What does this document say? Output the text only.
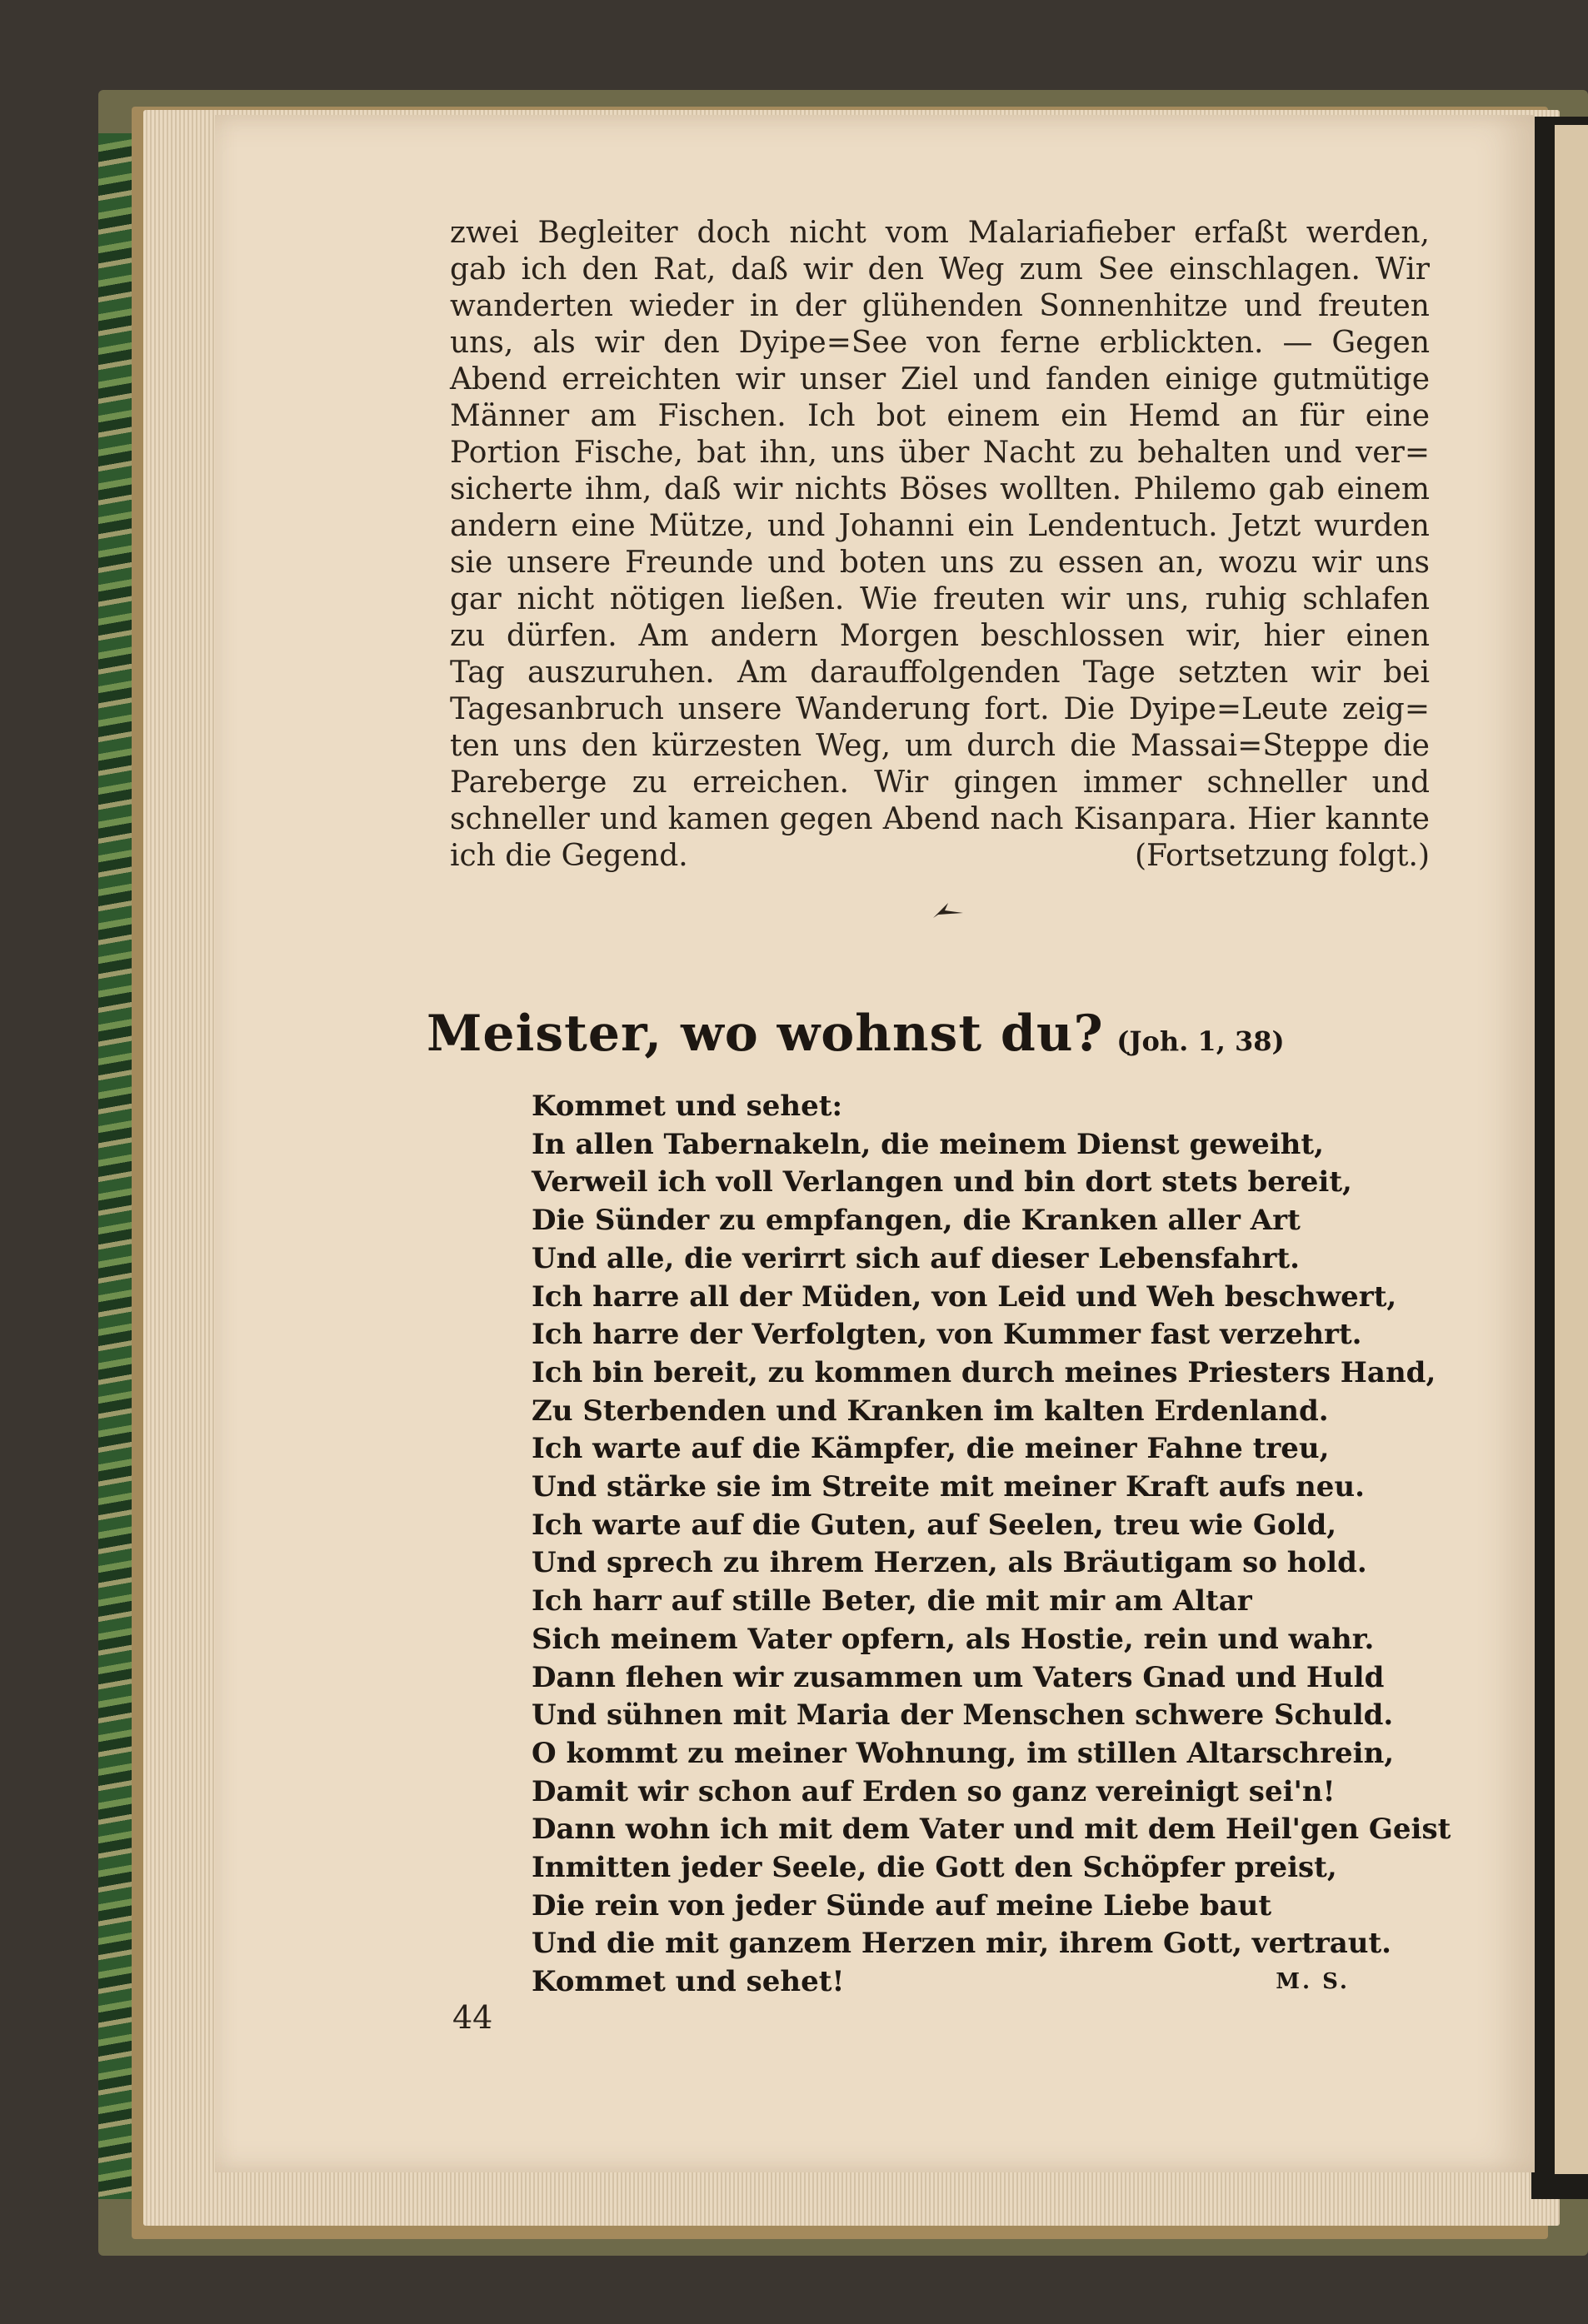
zwei Begleiter doch nicht vom Malariafieber erfaßt werden,
gab ich den Rat, daß wir den Weg zum See einschlagen. Wir
wanderten wieder in der glühenden Sonnenhitze und freuten
uns, als wir den Dyipe=See von ferne erblickten. — Gegen
Abend erreichten wir unser Ziel und fanden einige gutmütige
Männer am Fischen. Ich bot einem ein Hemd an für eine
Portion Fische, bat ihn, uns über Nacht zu behalten und ver=
sicherte ihm, daß wir nichts Böses wollten. Philemo gab einem
andern eine Mütze, und Johanni ein Lendentuch. Jetzt wurden
sie unsere Freunde und boten uns zu essen an, wozu wir uns
gar nicht nötigen ließen. Wie freuten wir uns, ruhig schlafen
zu dürfen. Am andern Morgen beschlossen wir, hier einen
Tag auszuruhen. Am darauffolgenden Tage setzten wir bei
Tagesanbruch unsere Wanderung fort. Die Dyipe=Leute zeig=
ten uns den kürzesten Weg, um durch die Massai=Steppe die
Pareberge zu erreichen. Wir gingen immer schneller und
schneller und kamen gegen Abend nach Kisanpara. Hier kannte
ich die Gegend.	(Fortsetzung folgt.)
Meister, wo wohnst du? (Joh. 1, 38)
Kommet und sehet:
In allen Tabernakeln, die meinem Dienst geweiht,
Verweil ich voll Verlangen und bin dort stets bereit,
Die Sünder zu empfangen, die Kranken aller Art
Und alle, die verirrt sich auf dieser Lebensfahrt.
Ich harre all der Müden, von Leid und Weh beschwert,
Ich harre der Verfolgten, von Kummer fast verzehrt.
Ich bin bereit, zu kommen durch meines Priesters Hand,
Zu Sterbenden und Kranken im kalten Erdenland.
Ich warte auf die Kämpfer, die meiner Fahne treu,
Und stärke sie im Streite mit meiner Kraft aufs neu.
Ich warte auf die Guten, auf Seelen, treu wie Gold,
Und sprech zu ihrem Herzen, als Bräutigam so hold.
Ich harr auf stille Beter, die mit mir am Altar
Sich meinem Vater opfern, als Hostie, rein und wahr.
Dann flehen wir zusammen um Vaters Gnad und Huld
Und sühnen mit Maria der Menschen schwere Schuld.
O kommt zu meiner Wohnung, im stillen Altarschrein,
Damit wir schon auf Erden so ganz vereinigt sei'n!
Dann wohn ich mit dem Vater und mit dem Heil'gen Geist
Inmitten jeder Seele, die Gott den Schöpfer preist,
Die rein von jeder Sünde auf meine Liebe baut
Und die mit ganzem Herzen mir, ihrem Gott, vertraut.
Kommet und sehet!	M. S.
44
